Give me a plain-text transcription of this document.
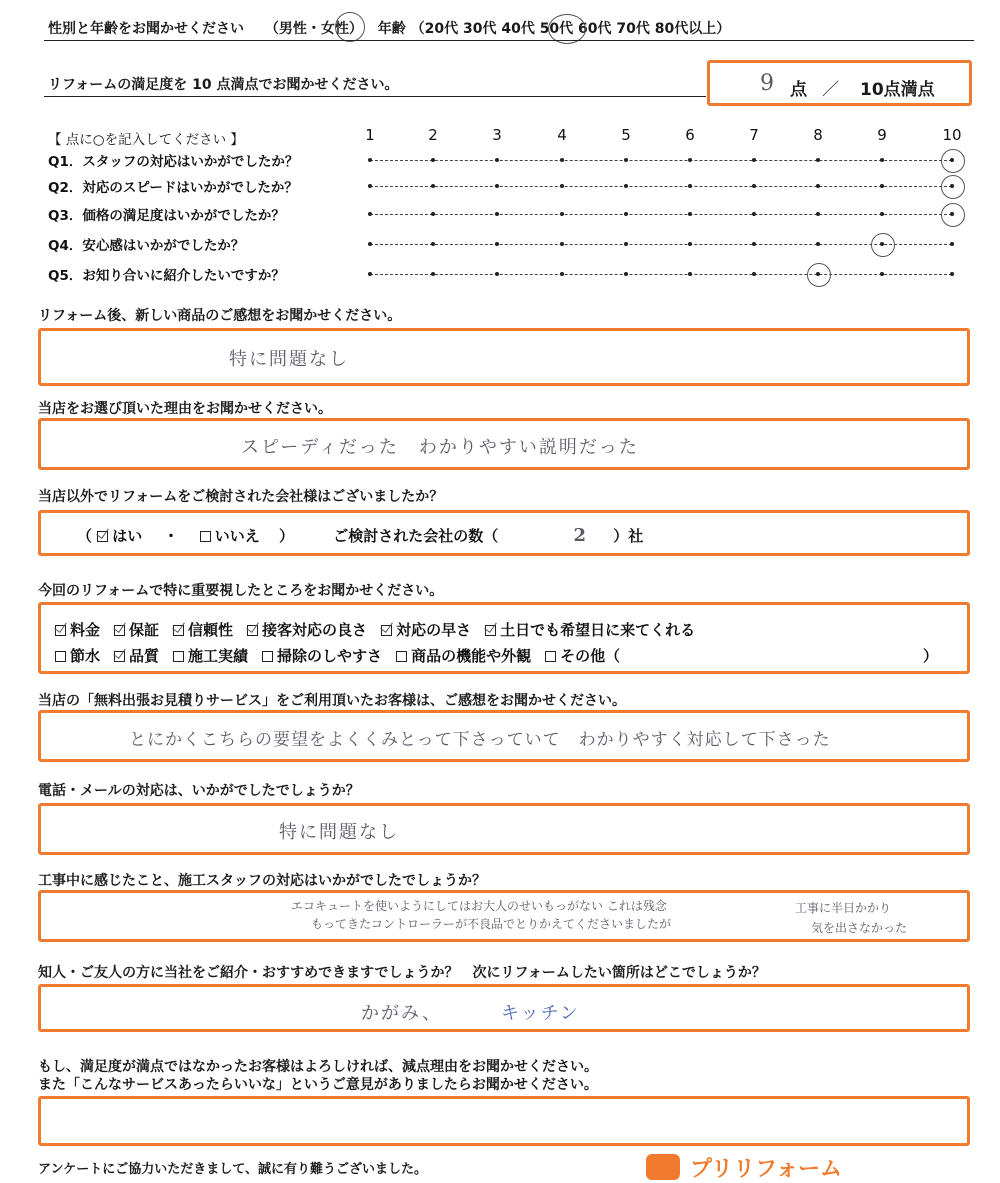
性別と年齢をお聞かせください （男性・女性） 年齢 （20代 30代 40代 50代 60代 70代 80代以上）
リフォームの満足度を 10 点満点でお聞かせください。	9 点 ／ 10点満点
【 点に○を記入してください 】	1	2	3	4	5	6	7	8	9	10
Q1．スタッフの対応はいかがでしたか？
Q2．対応のスピードはいかがでしたか？
Q3．価格の満足度はいかがでしたか？
Q4．安心感はいかがでしたか？
Q5．お知り合いに紹介したいですか？
リフォーム後、新しい商品のご感想をお聞かせください。
特に問題なし
当店をお選び頂いた理由をお聞かせください。
スピーディだった　わかりやすい説明だった
当店以外でリフォームをご検討された会社様はございましたか？
（ はい ・ いいえ ）	ご検討された会社の数（	2 ）社
今回のリフォームで特に重要視したところをお聞かせください。
料金 保証 信頼性 接客対応の良さ 対応の早さ 土日でも希望日に来てくれる
節水 品質 施工実績 掃除のしやすさ 商品の機能や外観 その他（	）
当店の「無料出張お見積りサービス」をご利用頂いたお客様は、ご感想をお聞かせください。
とにかくこちらの要望をよくくみとって下さっていて　わかりやすく対応して下さった
電話・メールの対応は、いかがでしたでしょうか？
特に問題なし
工事中に感じたこと、施工スタッフの対応はいかがでしたでしょうか？
エコキュートを使いようにしてはお大人のせいもっがない これは残念
もってきたコントローラーが不良品でとりかえてくださいましたが
工事に半日かかり
気を出さなかった
知人・ご友人の方に当社をご紹介・おすすめできますでしょうか？　次にリフォームしたい箇所はどこでしょうか？
かがみ、	キッチン
もし、満足度が満点ではなかったお客様はよろしければ、減点理由をお聞かせください。
また「こんなサービスあったらいいな」というご意見がありましたらお聞かせください。
アンケートにご協力いただきまして、誠に有り難うございました。	プリリフォーム
